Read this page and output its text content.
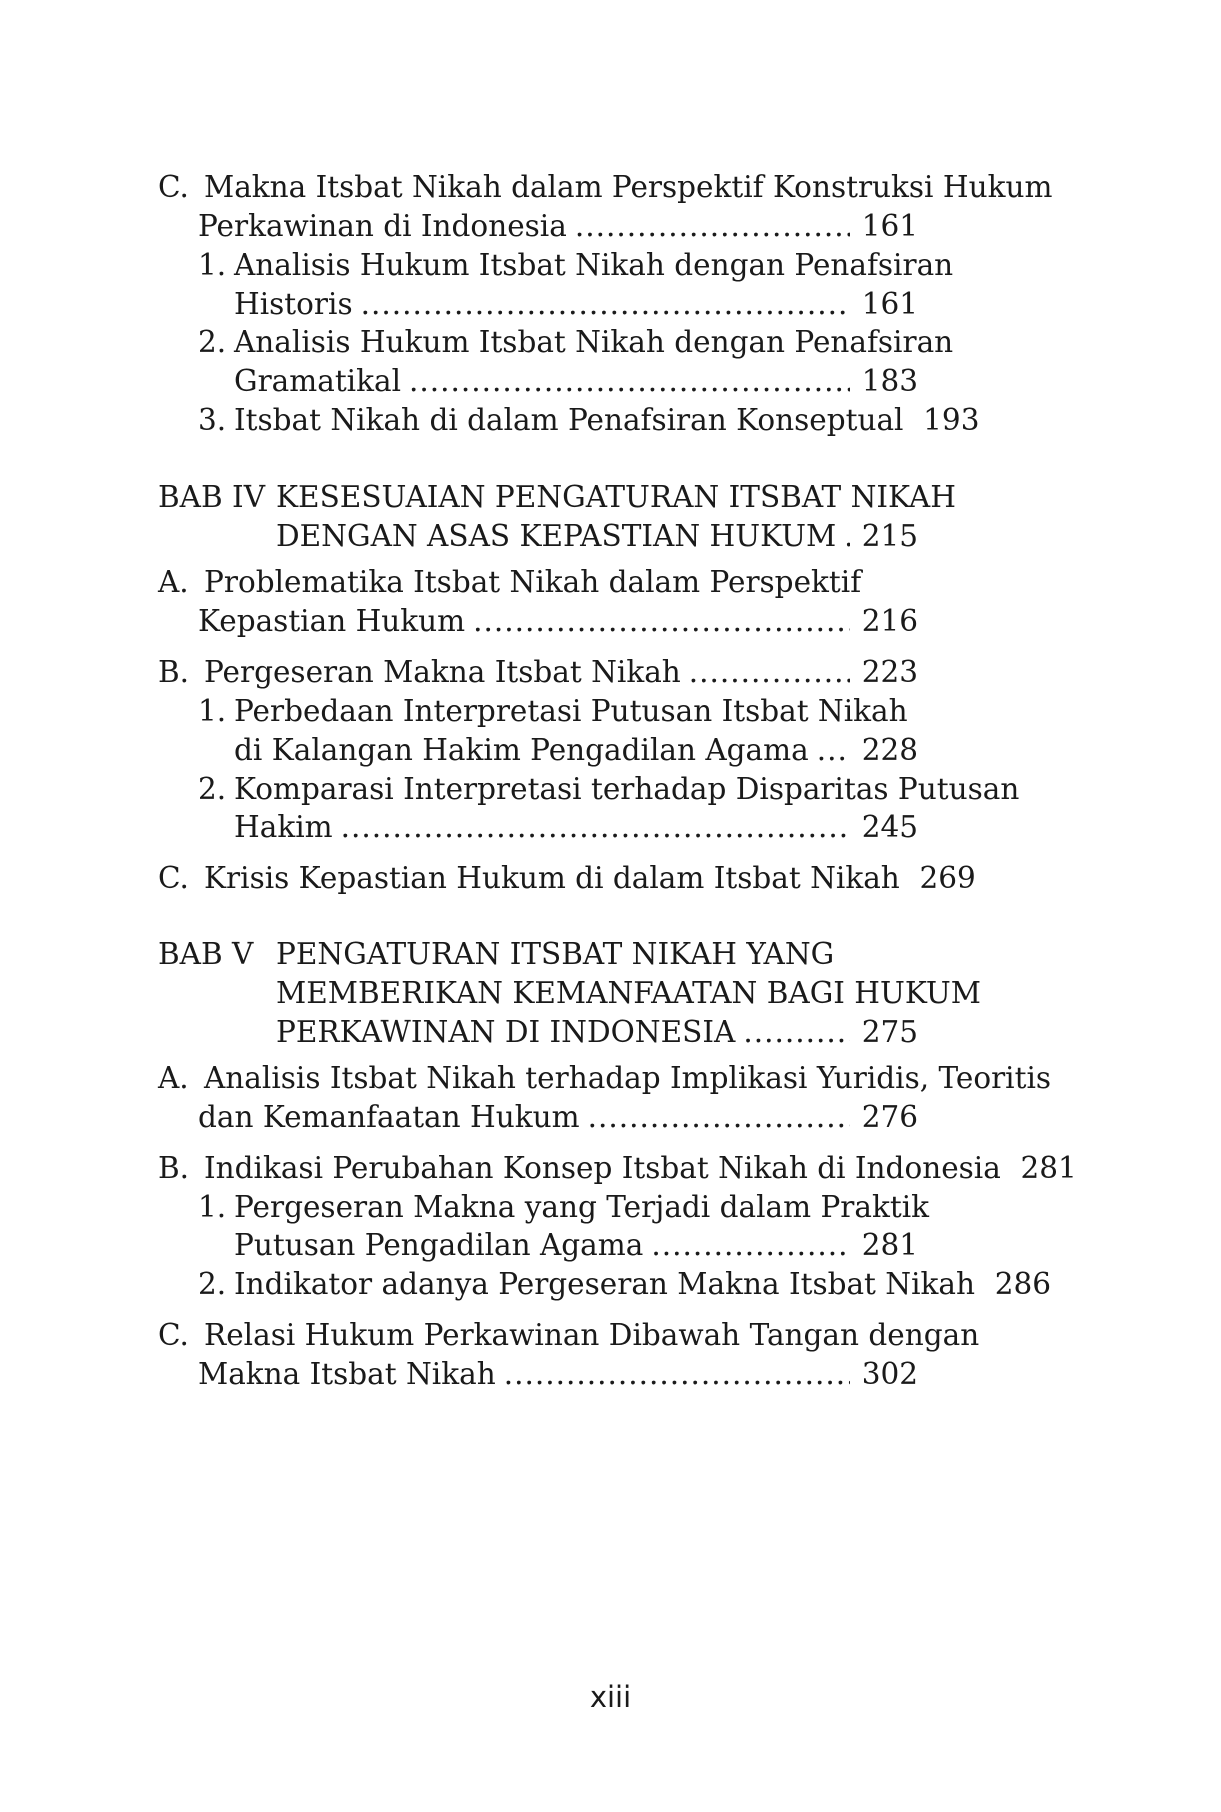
C. Makna Itsbat Nikah dalam Perspektif Konstruksi Hukum
Perkawinan di Indonesia .....	161
1. Analisis Hukum Itsbat Nikah dengan Penafsiran
Historis .....	161
2. Analisis Hukum Itsbat Nikah dengan Penafsiran
Gramatikal .....	183
3. Itsbat Nikah di dalam Penafsiran Konseptual 193
BAB IV KESESUAIAN PENGATURAN ITSBAT NIKAH
DENGAN ASAS KEPASTIAN HUKUM ..... 215
A. Problematika Itsbat Nikah dalam Perspektif
Kepastian Hukum .....	216
B. Pergeseran Makna Itsbat Nikah .....	223
1. Perbedaan Interpretasi Putusan Itsbat Nikah
di Kalangan Hakim Pengadilan Agama ..... 228
2. Komparasi Interpretasi terhadap Disparitas Putusan
Hakim .....	245
C. Krisis Kepastian Hukum di dalam Itsbat Nikah 269
BAB V PENGATURAN ITSBAT NIKAH YANG
MEMBERIKAN KEMANFAATAN BAGI HUKUM
PERKAWINAN DI INDONESIA .....	275
A. Analisis Itsbat Nikah terhadap Implikasi Yuridis, Teoritis
dan Kemanfaatan Hukum .....	276
B. Indikasi Perubahan Konsep Itsbat Nikah di Indonesia 281
1. Pergeseran Makna yang Terjadi dalam Praktik
Putusan Pengadilan Agama .....	281
2. Indikator adanya Pergeseran Makna Itsbat Nikah 286
C. Relasi Hukum Perkawinan Dibawah Tangan dengan
Makna Itsbat Nikah .....	302
xiii
